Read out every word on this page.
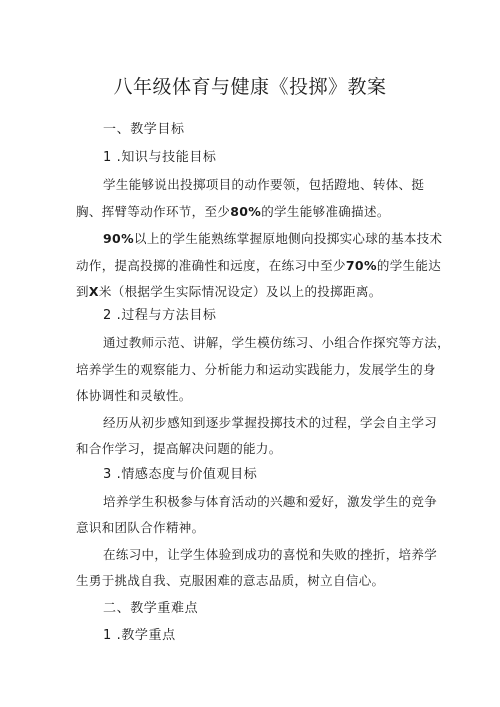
八年级体育与健康《投掷》教案

一、教学目标

1 .知识与技能目标

学生能够说出投掷项目的动作要领，包括蹬地、转体、挺

胸、挥臂等动作环节，至少80%的学生能够准确描述。

90%以上的学生能熟练掌握原地侧向投掷实心球的基本技术

动作，提高投掷的准确性和远度，在练习中至少70%的学生能达

到X米（根据学生实际情况设定）及以上的投掷距离。

2 .过程与方法目标

通过教师示范、讲解，学生模仿练习、小组合作探究等方法，

培养学生的观察能力、分析能力和运动实践能力，发展学生的身

体协调性和灵敏性。

经历从初步感知到逐步掌握投掷技术的过程，学会自主学习

和合作学习，提高解决问题的能力。

3 .情感态度与价值观目标

培养学生积极参与体育活动的兴趣和爱好，激发学生的竞争

意识和团队合作精神。

在练习中，让学生体验到成功的喜悦和失败的挫折，培养学

生勇于挑战自我、克服困难的意志品质，树立自信心。

二、教学重难点

1 .教学重点
